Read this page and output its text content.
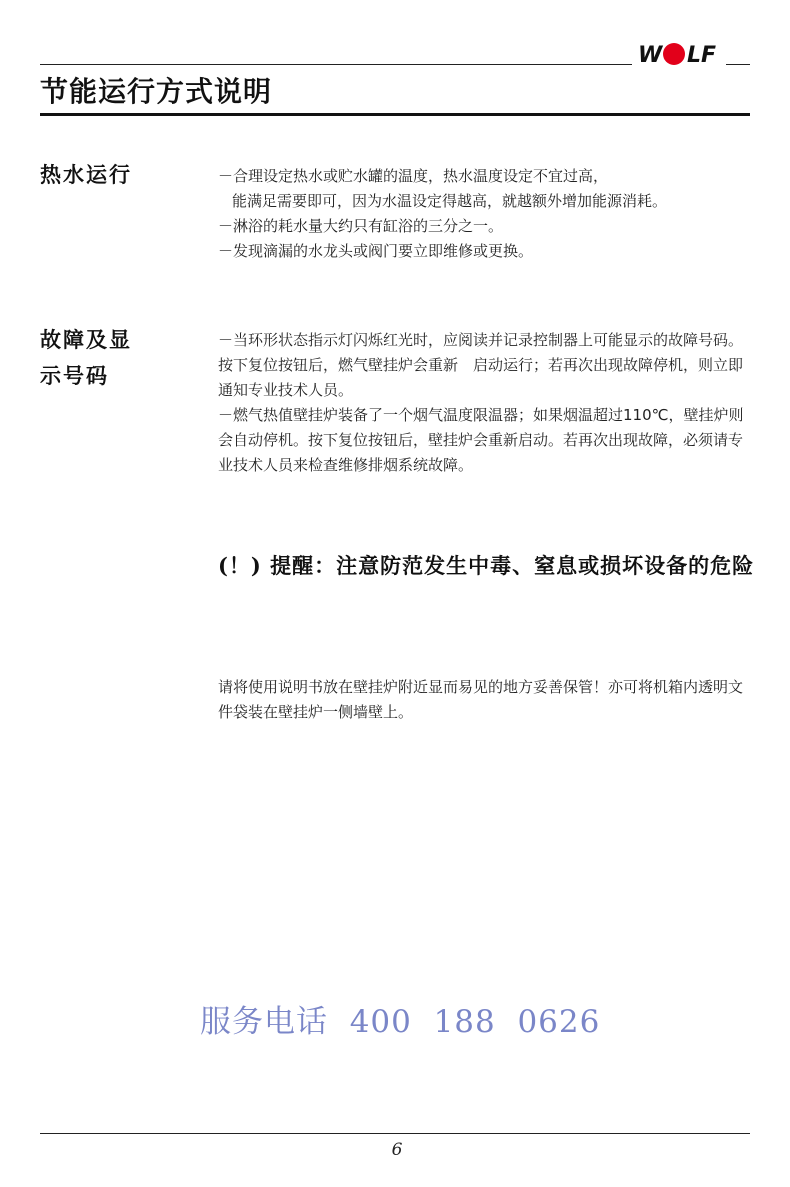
W LF
节能运行方式说明
热水运行	－合理设定热水或贮水罐的温度，热水温度设定不宜过高，

能满足需要即可，因为水温设定得越高，就越额外增加能源消耗。

－淋浴的耗水量大约只有缸浴的三分之一。

－发现滴漏的水龙头或阀门要立即维修或更换。

故障及显
示号码

－当环形状态指示灯闪烁红光时，应阅读并记录控制器上可能显示的故障号码。按下复位按钮后，燃气壁挂炉会重新　启动运行；若再次出现故障停机，则立即通知专业技术人员。

－燃气热值壁挂炉装备了一个烟气温度限温器；如果烟温超过110℃，壁挂炉则会自动停机。按下复位按钮后，壁挂炉会重新启动。若再次出现故障，必须请专业技术人员来检查维修排烟系统故障。

(！) 提醒：注意防范发生中毒、窒息或损坏设备的危险

请将使用说明书放在壁挂炉附近显而易见的地方妥善保管！亦可将机箱内透明文件袋装在壁挂炉一侧墙壁上。

服务电话  400  188  0626

6
